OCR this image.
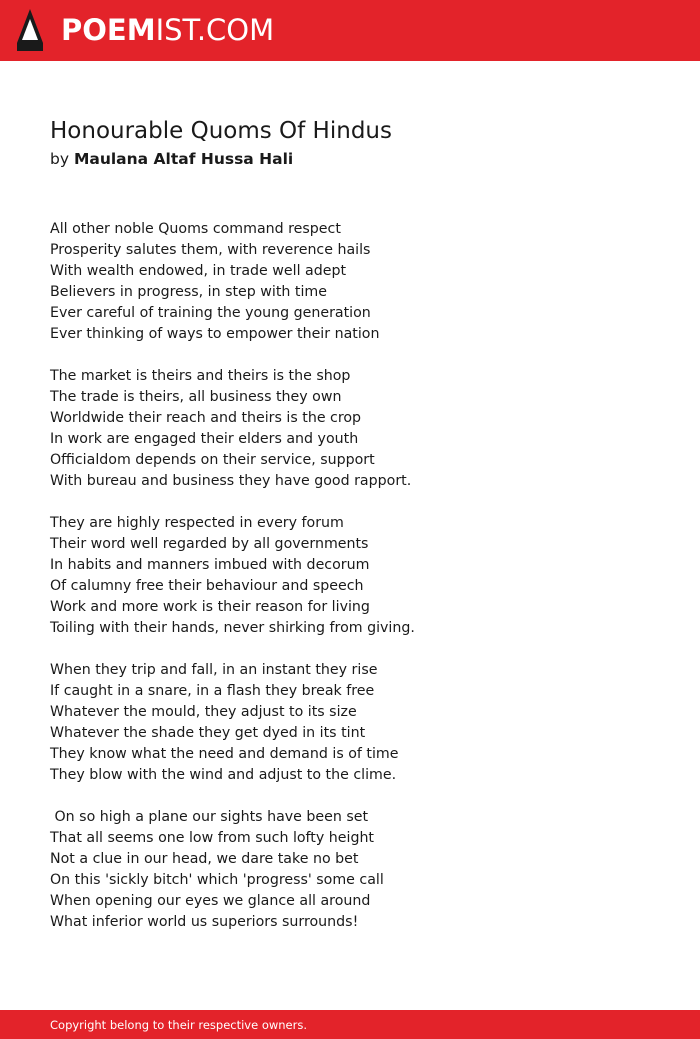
POEMIST.COM
Honourable Quoms Of Hindus
by Maulana Altaf Hussa Hali
All other noble Quoms command respect
Prosperity salutes them, with reverence hails
With wealth endowed, in trade well adept
Believers in progress, in step with time
Ever careful of training the young generation
Ever thinking of ways to empower their nation
The market is theirs and theirs is the shop
The trade is theirs, all business they own
Worldwide their reach and theirs is the crop
In work are engaged their elders and youth
Officialdom depends on their service, support
With bureau and business they have good rapport.
They are highly respected in every forum
Their word well regarded by all governments
In habits and manners imbued with decorum
Of calumny free their behaviour and speech
Work and more work is their reason for living
Toiling with their hands, never shirking from giving.
When they trip and fall, in an instant they rise
If caught in a snare, in a flash they break free
Whatever the mould, they adjust to its size
Whatever the shade they get dyed in its tint
They know what the need and demand is of time
They blow with the wind and adjust to the clime.
On so high a plane our sights have been set
That all seems one low from such lofty height
Not a clue in our head, we dare take no bet
On this 'sickly bitch' which 'progress' some call
When opening our eyes we glance all around
What inferior world us superiors surrounds!
Copyright belong to their respective owners.
